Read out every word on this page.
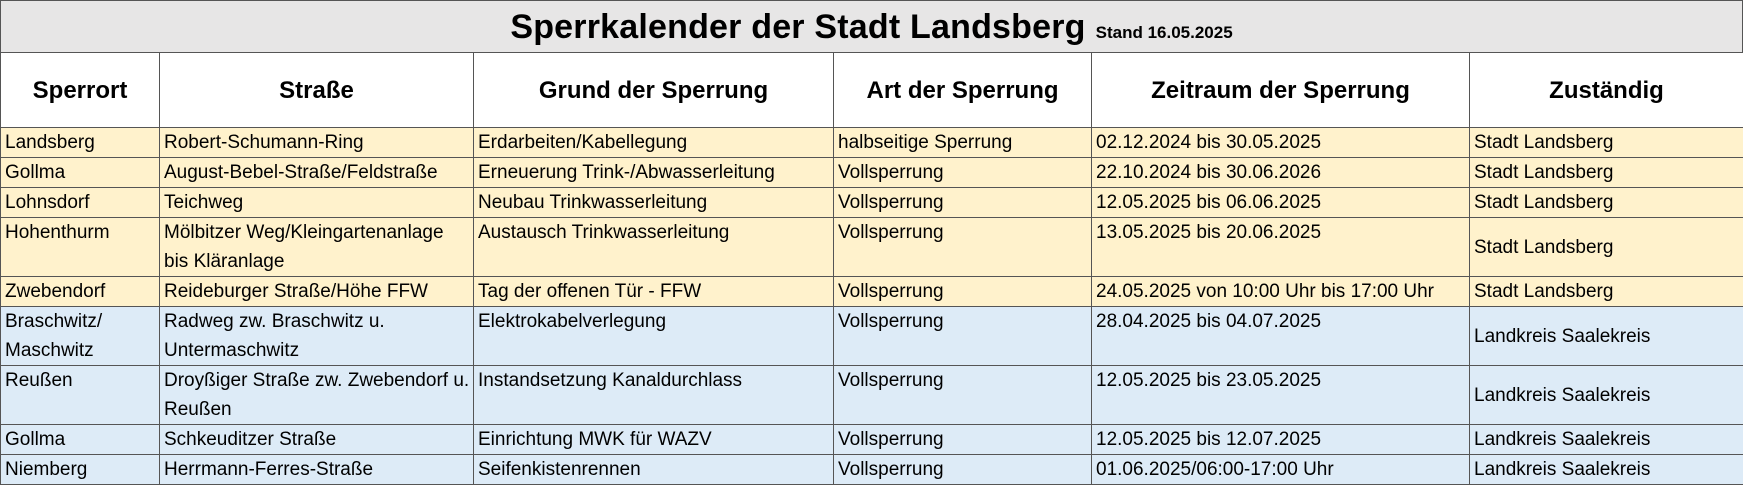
Sperrkalender der Stadt Landsberg Stand 16.05.2025
Sperrort	Straße	Grund der Sperrung	Art der Sperrung	Zeitraum der Sperrung	Zuständig
Landsberg	Robert-Schumann-Ring	Erdarbeiten/Kabellegung	halbseitige Sperrung	02.12.2024 bis 30.05.2025	Stadt Landsberg
Gollma	August-Bebel-Straße/Feldstraße	Erneuerung Trink-/Abwasserleitung	Vollsperrung	22.10.2024 bis 30.06.2026	Stadt Landsberg
Lohnsdorf	Teichweg	Neubau Trinkwasserleitung	Vollsperrung	12.05.2025 bis 06.06.2025	Stadt Landsberg
Hohenthurm	Mölbitzer Weg/Kleingartenanlage bis Kläranlage	Austausch Trinkwasserleitung	Vollsperrung	13.05.2025 bis 20.06.2025	Stadt Landsberg
Zwebendorf	Reideburger Straße/Höhe FFW	Tag der offenen Tür - FFW	Vollsperrung	24.05.2025 von 10:00 Uhr bis 17:00 Uhr	Stadt Landsberg
Braschwitz/ Maschwitz	Radweg zw. Braschwitz u. Untermaschwitz	Elektrokabelverlegung	Vollsperrung	28.04.2025 bis 04.07.2025	Landkreis Saalekreis
Reußen	Droyßiger Straße zw. Zwebendorf u. Reußen	Instandsetzung Kanaldurchlass	Vollsperrung	12.05.2025 bis 23.05.2025	Landkreis Saalekreis
Gollma	Schkeuditzer Straße	Einrichtung MWK für WAZV	Vollsperrung	12.05.2025 bis 12.07.2025	Landkreis Saalekreis
Niemberg	Herrmann-Ferres-Straße	Seifenkistenrennen	Vollsperrung	01.06.2025/06:00-17:00 Uhr	Landkreis Saalekreis
